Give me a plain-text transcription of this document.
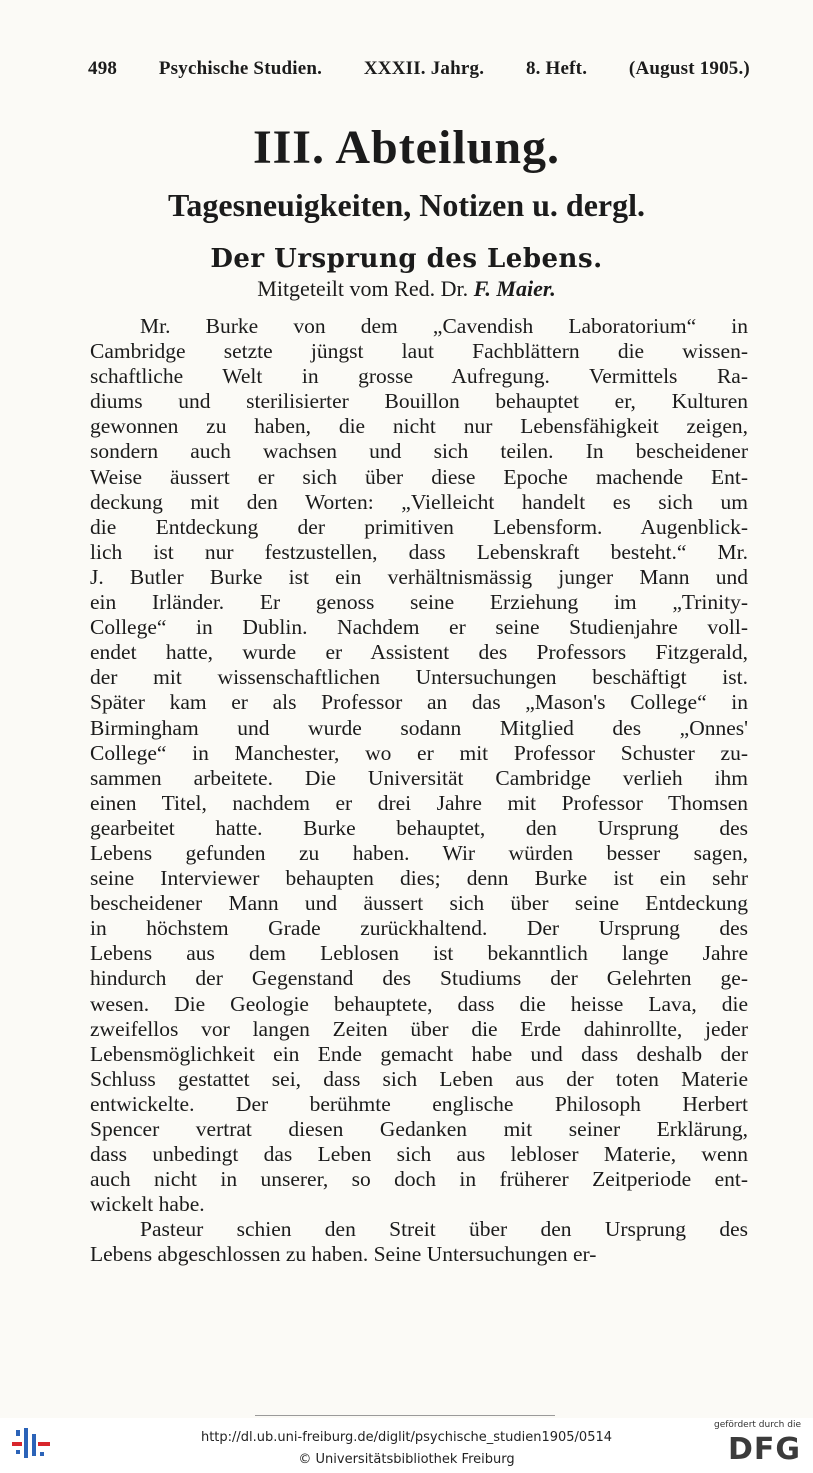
498 Psychische Studien. XXXII. Jahrg. 8. Heft. (August 1905.)
III. Abteilung.
Tagesneuigkeiten, Notizen u. dergl.
Der Ursprung des Lebens.
Mitgeteilt vom Red. Dr. F. Maier.
Mr. Burke von dem „Cavendish Laboratorium“ in
Cambridge setzte jüngst laut Fachblättern die wissen-
schaftliche Welt in grosse Aufregung. Vermittels Ra-
diums und sterilisierter Bouillon behauptet er, Kulturen
gewonnen zu haben, die nicht nur Lebensfähigkeit zeigen,
sondern auch wachsen und sich teilen. In bescheidener
Weise äussert er sich über diese Epoche machende Ent-
deckung mit den Worten: „Vielleicht handelt es sich um
die Entdeckung der primitiven Lebensform. Augenblick-
lich ist nur festzustellen, dass Lebenskraft besteht.“ Mr.
J. Butler Burke ist ein verhältnismässig junger Mann und
ein Irländer. Er genoss seine Erziehung im „Trinity-
College“ in Dublin. Nachdem er seine Studienjahre voll-
endet hatte, wurde er Assistent des Professors Fitzgerald,
der mit wissenschaftlichen Untersuchungen beschäftigt ist.
Später kam er als Professor an das „Mason's College“ in
Birmingham und wurde sodann Mitglied des „Onnes'
College“ in Manchester, wo er mit Professor Schuster zu-
sammen arbeitete. Die Universität Cambridge verlieh ihm
einen Titel, nachdem er drei Jahre mit Professor Thomsen
gearbeitet hatte. Burke behauptet, den Ursprung des
Lebens gefunden zu haben. Wir würden besser sagen,
seine Interviewer behaupten dies; denn Burke ist ein sehr
bescheidener Mann und äussert sich über seine Entdeckung
in höchstem Grade zurückhaltend. Der Ursprung des
Lebens aus dem Leblosen ist bekanntlich lange Jahre
hindurch der Gegenstand des Studiums der Gelehrten ge-
wesen. Die Geologie behauptete, dass die heisse Lava, die
zweifellos vor langen Zeiten über die Erde dahinrollte, jeder
Lebensmöglichkeit ein Ende gemacht habe und dass deshalb der
Schluss gestattet sei, dass sich Leben aus der toten Materie
entwickelte. Der berühmte englische Philosoph Herbert
Spencer vertrat diesen Gedanken mit seiner Erklärung,
dass unbedingt das Leben sich aus lebloser Materie, wenn
auch nicht in unserer, so doch in früherer Zeitperiode ent-
wickelt habe.
Pasteur schien den Streit über den Ursprung des
Lebens abgeschlossen zu haben. Seine Untersuchungen er-
http://dl.ub.uni-freiburg.de/diglit/psychische_studien1905/0514
© Universitätsbibliothek Freiburg
gefördert durch die
DFG
